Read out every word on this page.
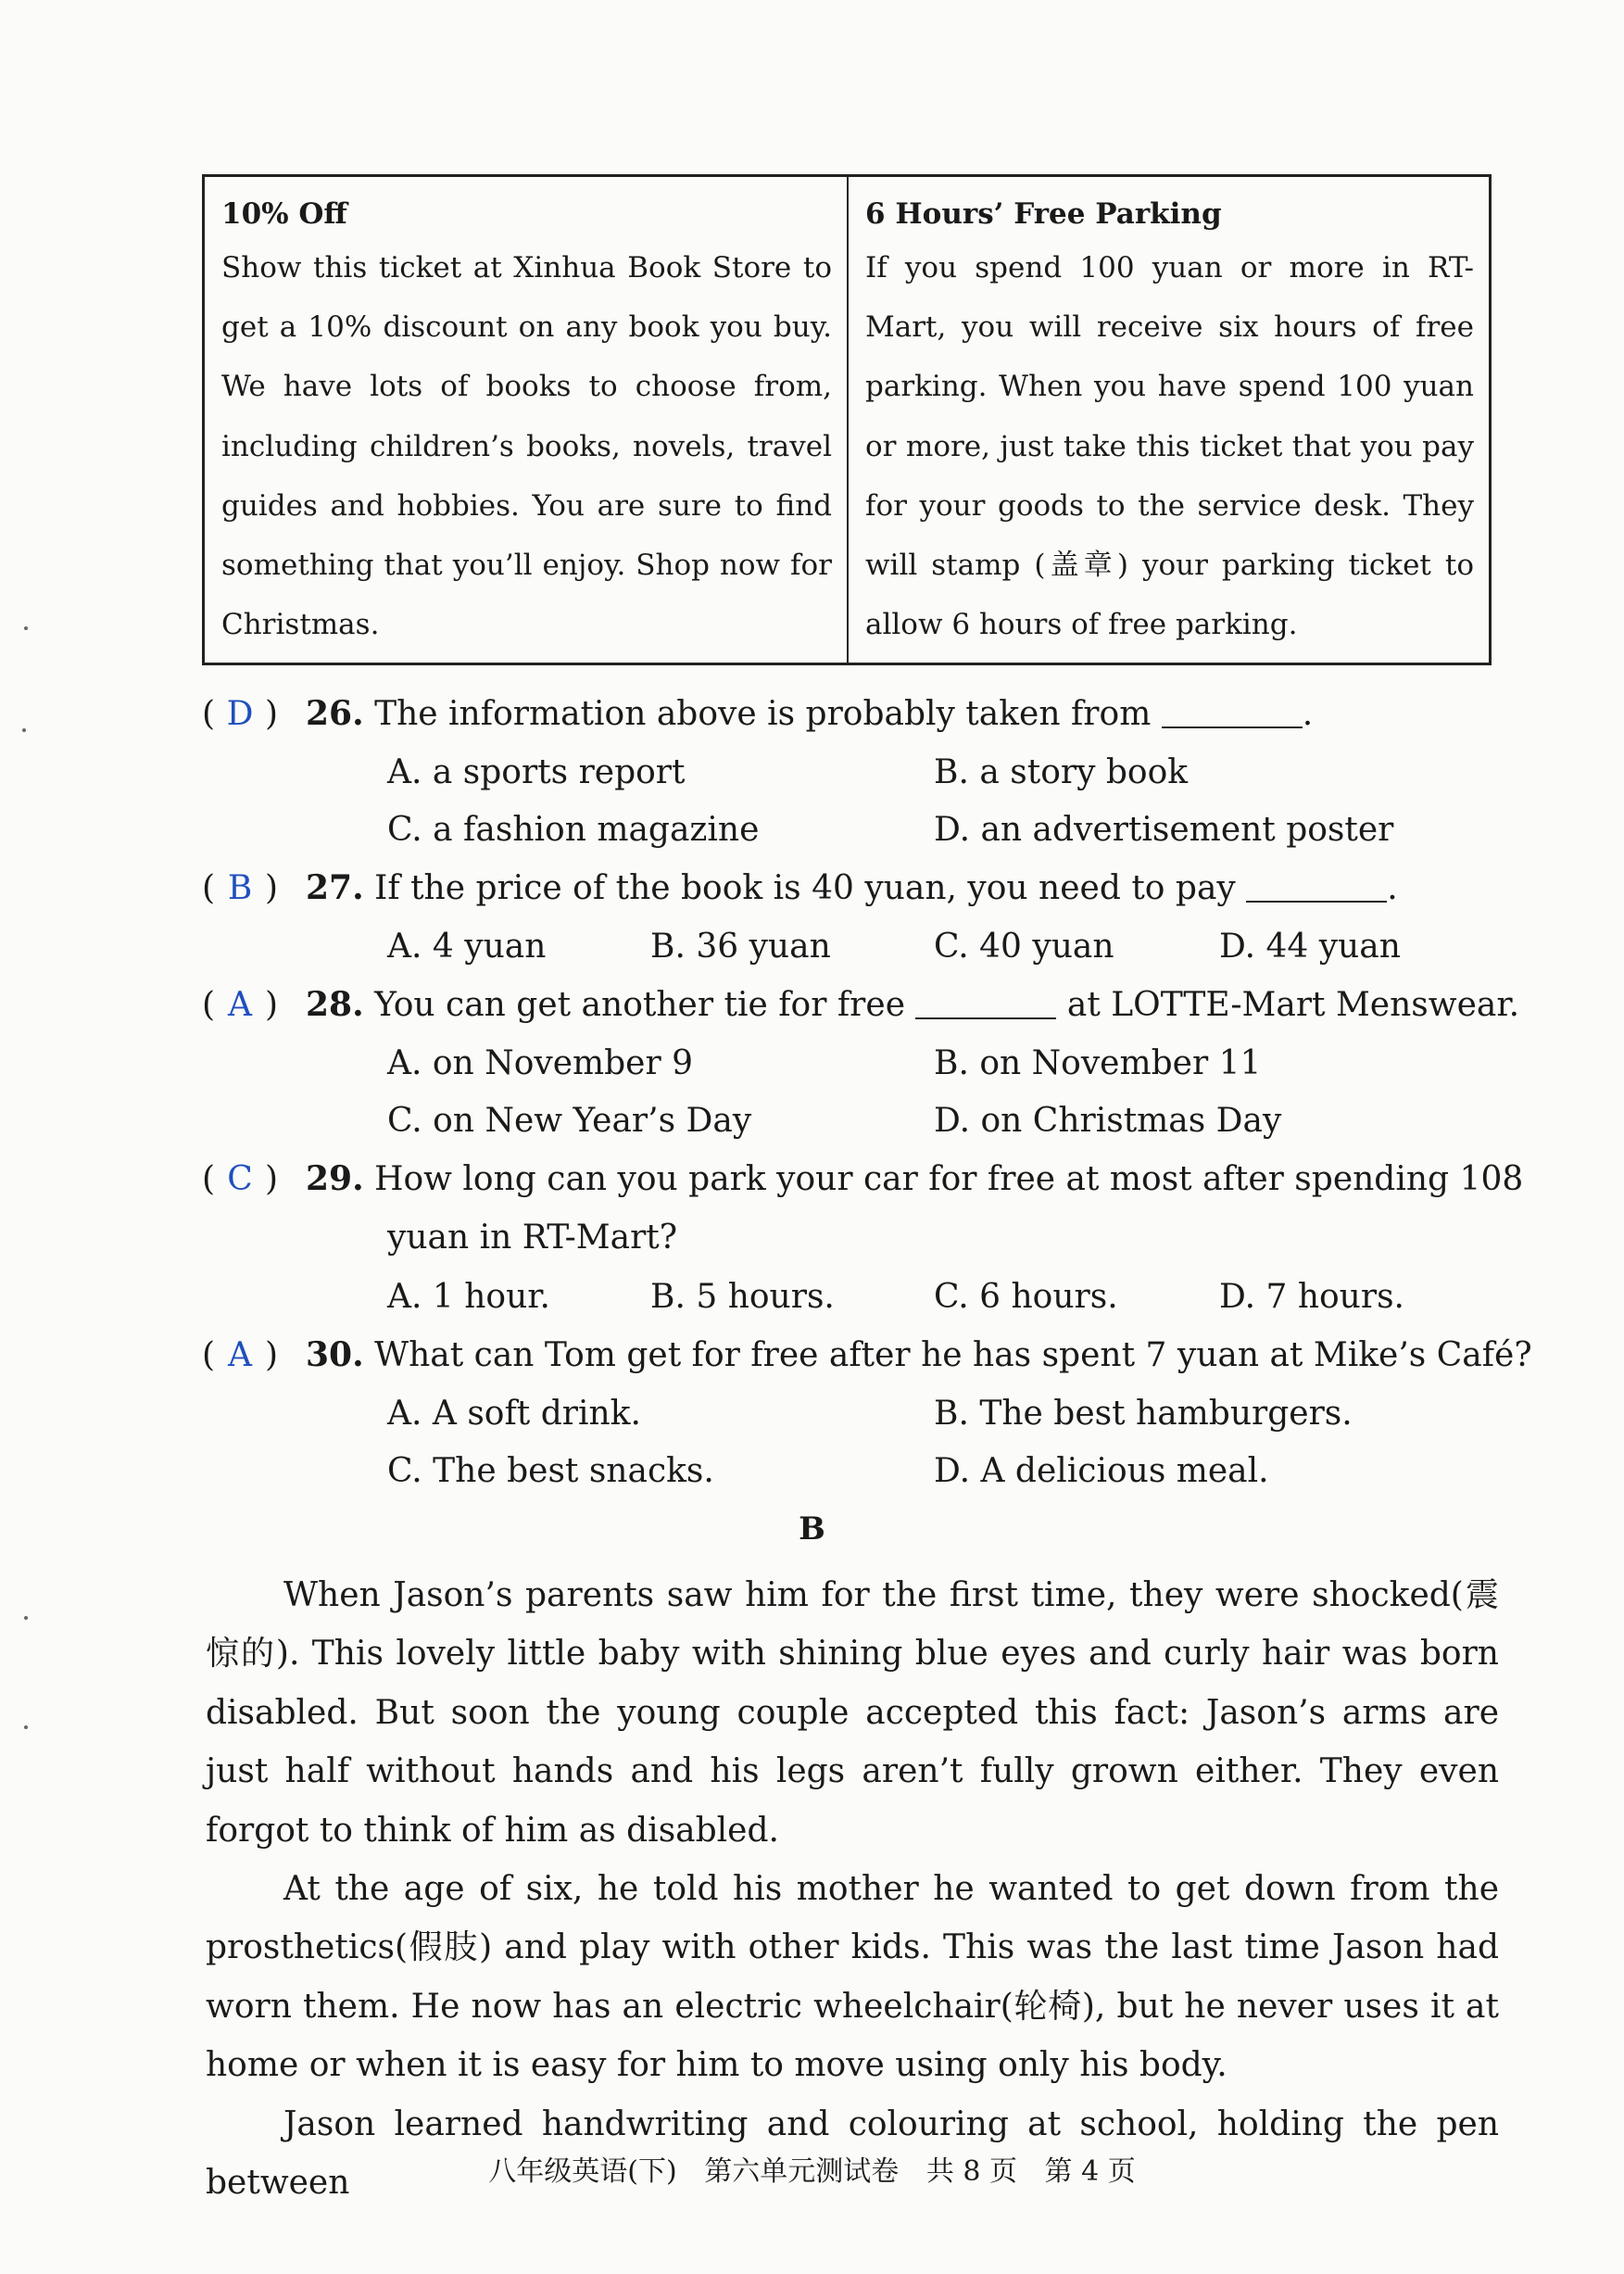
10% Off

Show this ticket at Xinhua Book Store to get a 10% discount on any book you buy. We have lots of books to choose from, including children’s books, novels, travel guides and hobbies. You are sure to find something that you’ll enjoy. Shop now for Christmas.

6 Hours’ Free Parking

If you spend 100 yuan or more in RT-Mart, you will receive six hours of free parking. When you have spend 100 yuan or more, just take this ticket that you pay for your goods to the service desk. They will stamp (盖章) your parking ticket to allow 6 hours of free parking.

( D ) 26. The information above is probably taken from	.
A. a sports report	B. a story book
C. a fashion magazine	D. an advertisement poster
( B ) 27. If the price of the book is 40 yuan, you need to pay	.
A. 4 yuan	B. 36 yuan	C. 40 yuan	D. 44 yuan
( A ) 28. You can get another tie for free	at LOTTE-Mart Menswear.
A. on November 9	B. on November 11
C. on New Year’s Day	D. on Christmas Day
( C ) 29. How long can you park your car for free at most after spending 108
yuan in RT-Mart?
A. 1 hour.	B. 5 hours.	C. 6 hours.	D. 7 hours.
( A ) 30. What can Tom get for free after he has spent 7 yuan at Mike’s Café?
A. A soft drink.	B. The best hamburgers.
C. The best snacks.	D. A delicious meal.
B

When Jason’s parents saw him for the first time, they were shocked(震惊的). This lovely little baby with shining blue eyes and curly hair was born disabled. But soon the young couple accepted this fact: Jason’s arms are just half without hands and his legs aren’t fully grown either. They even forgot to think of him as disabled.

At the age of six, he told his mother he wanted to get down from the prosthetics(假肢) and play with other kids. This was the last time Jason had worn them. He now has an electric wheelchair(轮椅), but he never uses it at home or when it is easy for him to move using only his body.

Jason learned handwriting and colouring at school, holding the pen between	八年级英语(下) 第六单元测试卷 共 8 页 第 4 页
